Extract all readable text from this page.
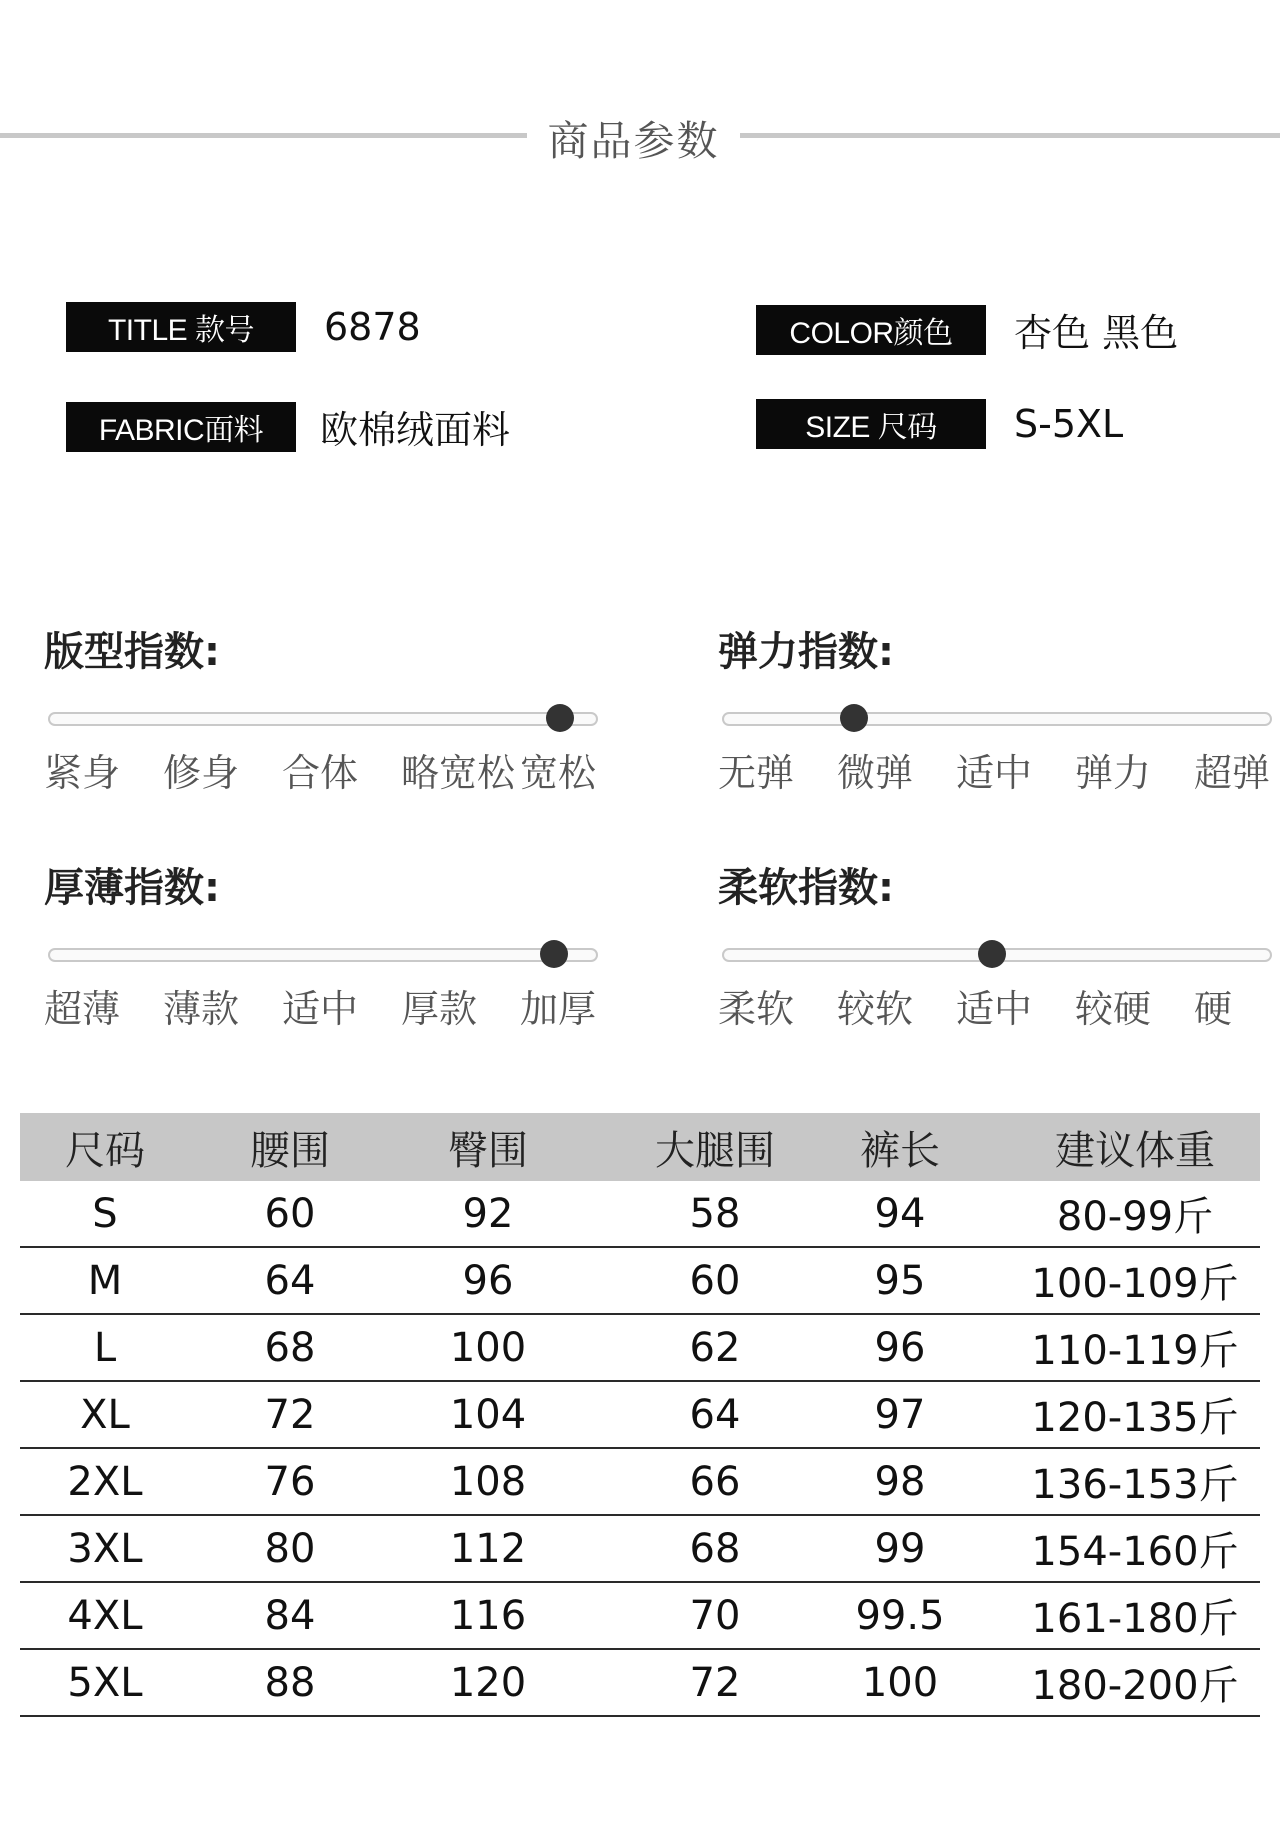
商品参数
TITLE 款号	6878	COLOR颜色	杏色 黑色
FABRIC面料	欧棉绒面料	SIZE 尺码	S-5XL
版型指数:
紧身 修身 合体 略宽松 宽松
弹力指数:
无弹 微弹 适中 弹力 超弹
厚薄指数:
超薄 薄款 适中 厚款 加厚
柔软指数:
柔软 较软 适中 较硬 硬
尺码	腰围	臀围	大腿围	裤长	建议体重
S	60	92	58	94	80-99斤
M	64	96	60	95	100-109斤
L	68	100	62	96	110-119斤
XL	72	104	64	97	120-135斤
2XL	76	108	66	98	136-153斤
3XL	80	112	68	99	154-160斤
4XL	84	116	70	99.5	161-180斤
5XL	88	120	72	100	180-200斤
